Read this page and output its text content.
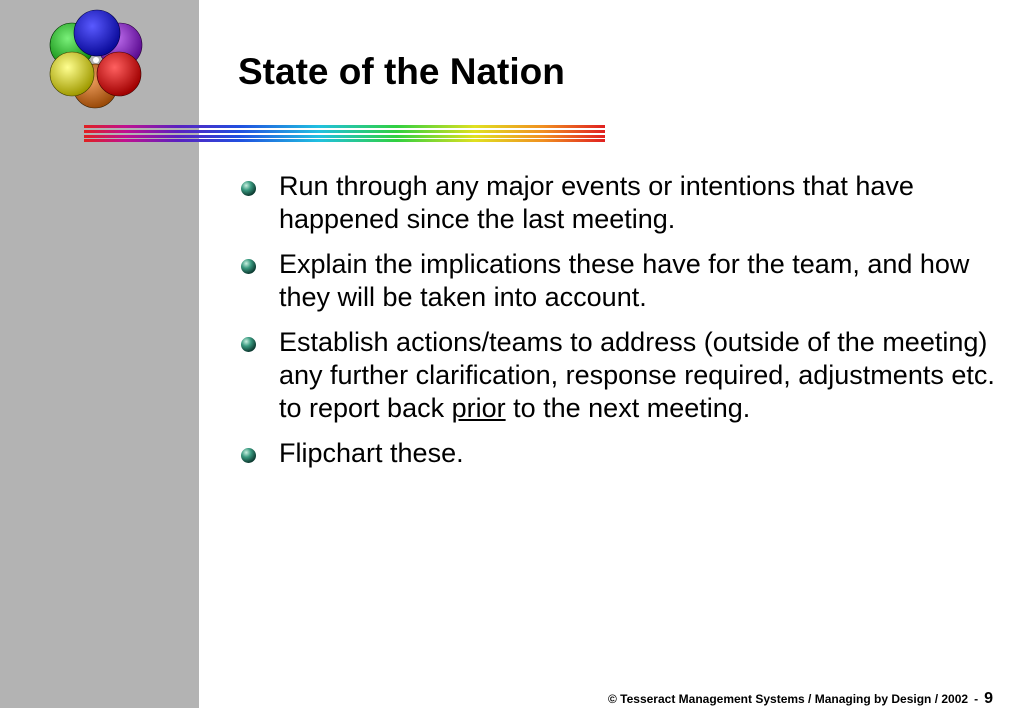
State of the Nation
Run through any major events or intentions that have happened since the last meeting.
Explain the implications these have for the team, and how they will be taken into account.
Establish actions/teams to address (outside of the meeting) any further clarification, response required, adjustments etc. to report back prior to the next meeting.
Flipchart these.
© Tesseract Management Systems / Managing by Design / 2002 - 9
